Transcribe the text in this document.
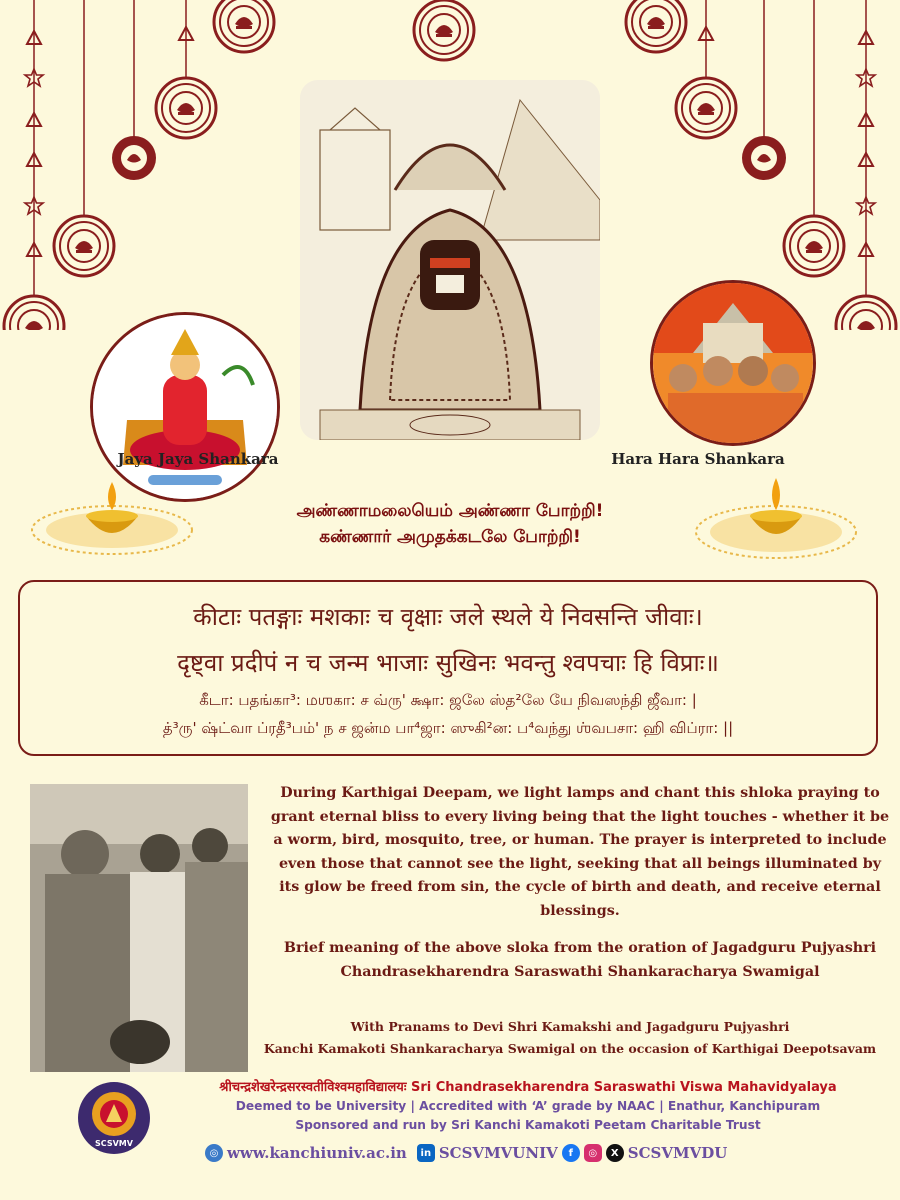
Jaya Jaya Shankara	Hara Hara Shankara
அண்ணாமலையெம் அண்ணா போற்றி!
கண்ணார் அமுதக்கடலே போற்றி!
कीटाः पतङ्गाः मशकाः च वृक्षाः जले स्थले ये निवसन्ति जीवाः।
दृष्ट्वा प्रदीपं न च जन्म भाजाः सुखिनः भवन्तु श्वपचाः हि विप्राः॥
கீடா: பதங்கா³: மஶகா: ச வ்ரு' க்ஷா: ஜலே ஸ்த²லே யே நிவஸந்தி ஜீவா: |
த்³ரு' ஷ்ட்வா ப்ரதீ³பம்' ந ச ஜன்ம பா⁴ஜா: ஸுகி²ன: ப⁴வந்து ஶ்வபசா: ஹி விப்ரா: ||
During Karthigai Deepam, we light lamps and chant this shloka praying to grant eternal bliss to every living being that the light touches - whether it be a worm, bird, mosquito, tree, or human. The prayer is interpreted to include even those that cannot see the light, seeking that all beings illuminated by its glow be freed from sin, the cycle of birth and death, and receive eternal blessings.
Brief meaning of the above sloka from the oration of Jagadguru Pujyashri Chandrasekharendra Saraswathi Shankaracharya Swamigal
With Pranams to Devi Shri Kamakshi and Jagadguru Pujyashri
Kanchi Kamakoti Shankaracharya Swamigal on the occasion of Karthigai Deepotsavam
SCSVMV
श्रीचन्द्रशेखरेन्द्रसरस्वतीविश्वमहाविद्यालयः Sri Chandrasekharendra Saraswathi Viswa Mahavidyalaya
Deemed to be University | Accredited with ‘A’ grade by NAAC | Enathur, Kanchipuram
Sponsored and run by Sri Kanchi Kamakoti Peetam Charitable Trust
◎ www.kanchiuniv.ac.in	in SCSVMVUNIV	f	◎	X SCSVMVDU
